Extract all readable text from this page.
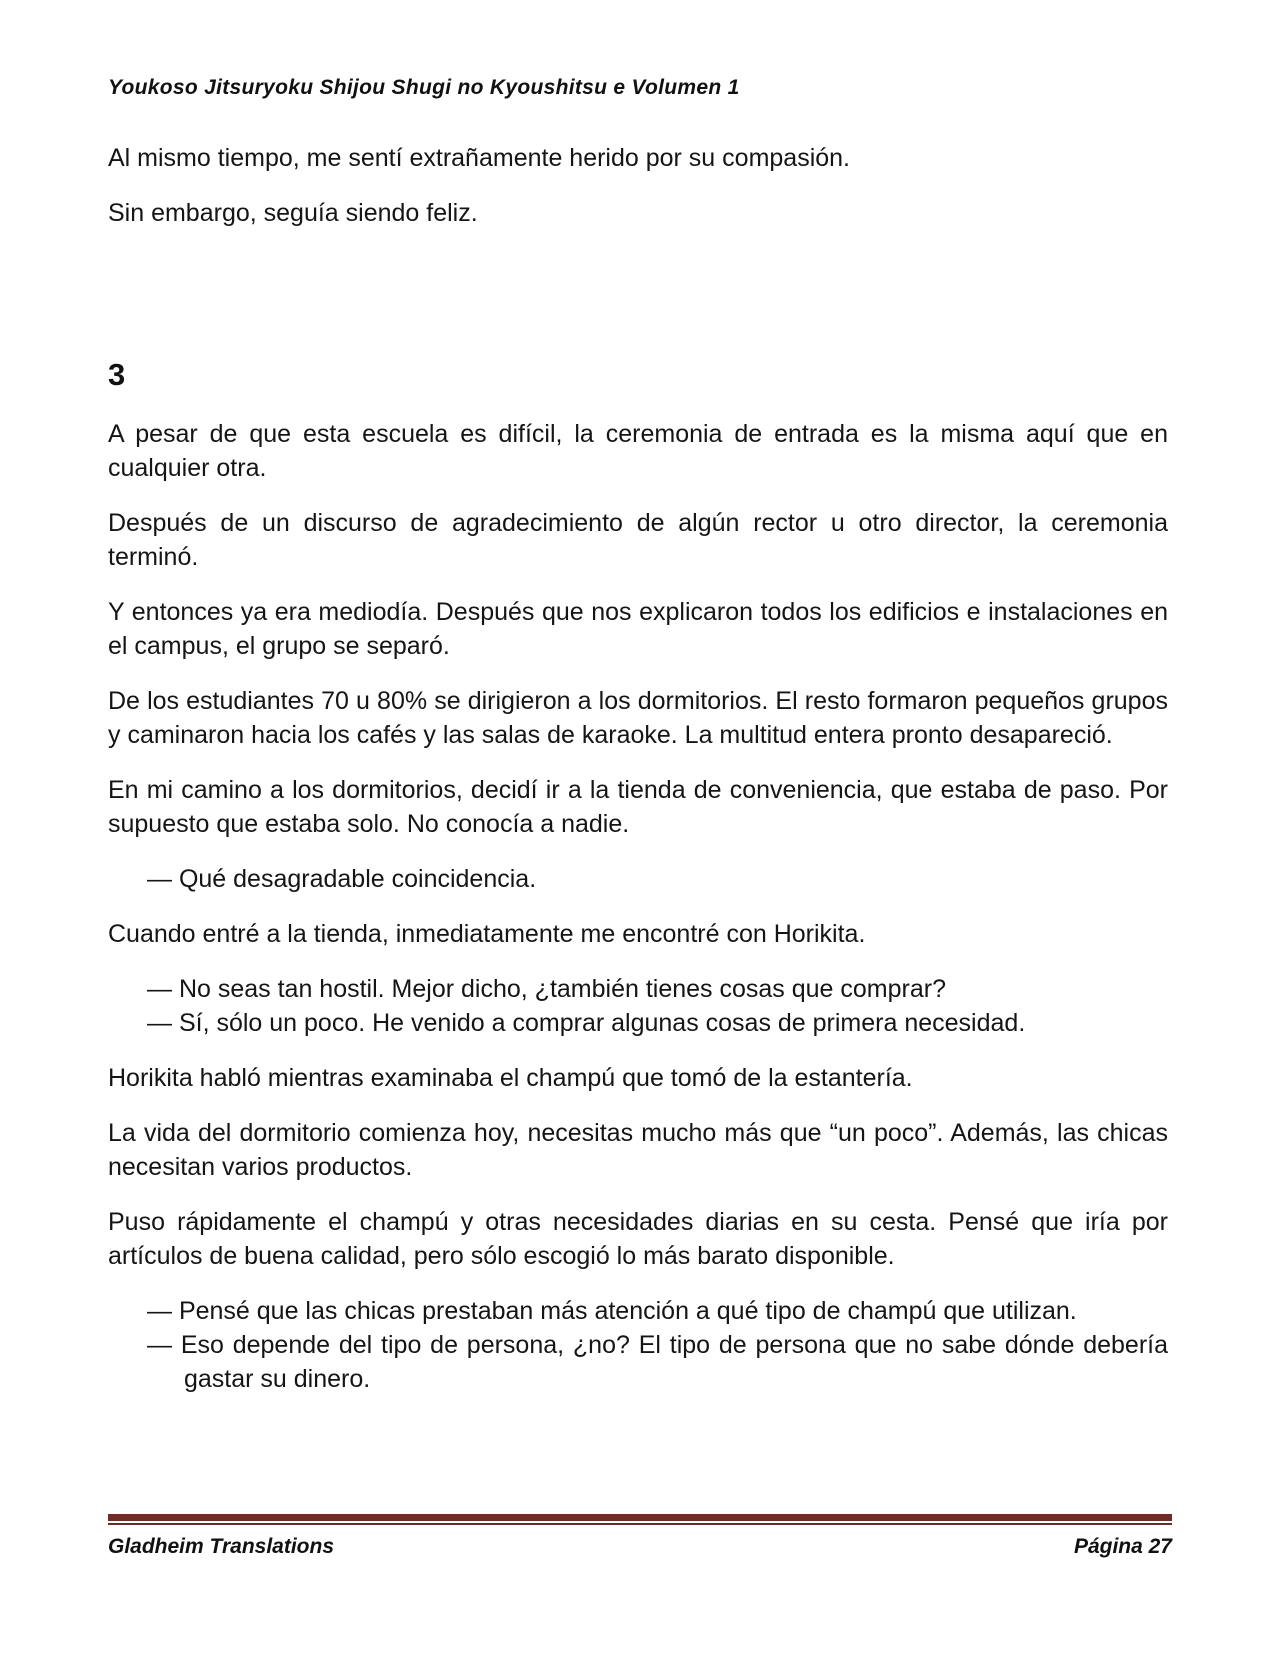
Youkoso Jitsuryoku Shijou Shugi no Kyoushitsu e Volumen 1

Al mismo tiempo, me sentí extrañamente herido por su compasión.

Sin embargo, seguía siendo feliz.

3

A pesar de que esta escuela es difícil, la ceremonia de entrada es la misma aquí que en cualquier otra.

Después de un discurso de agradecimiento de algún rector u otro director, la ceremonia terminó.

Y entonces ya era mediodía. Después que nos explicaron todos los edificios e instalaciones en el campus, el grupo se separó.

De los estudiantes 70 u 80% se dirigieron a los dormitorios. El resto formaron pequeños grupos y caminaron hacia los cafés y las salas de karaoke. La multitud entera pronto desapareció.

En mi camino a los dormitorios, decidí ir a la tienda de conveniencia, que estaba de paso. Por supuesto que estaba solo. No conocía a nadie.

— Qué desagradable coincidencia.

Cuando entré a la tienda, inmediatamente me encontré con Horikita.

— No seas tan hostil. Mejor dicho, ¿también tienes cosas que comprar?

— Sí, sólo un poco. He venido a comprar algunas cosas de primera necesidad.

Horikita habló mientras examinaba el champú que tomó de la estantería.

La vida del dormitorio comienza hoy, necesitas mucho más que “un poco”. Además, las chicas necesitan varios productos.

Puso rápidamente el champú y otras necesidades diarias en su cesta. Pensé que iría por artículos de buena calidad, pero sólo escogió lo más barato disponible.

— Pensé que las chicas prestaban más atención a qué tipo de champú que utilizan.

— Eso depende del tipo de persona, ¿no? El tipo de persona que no sabe dónde debería gastar su dinero.

Gladheim Translations	Página 27
